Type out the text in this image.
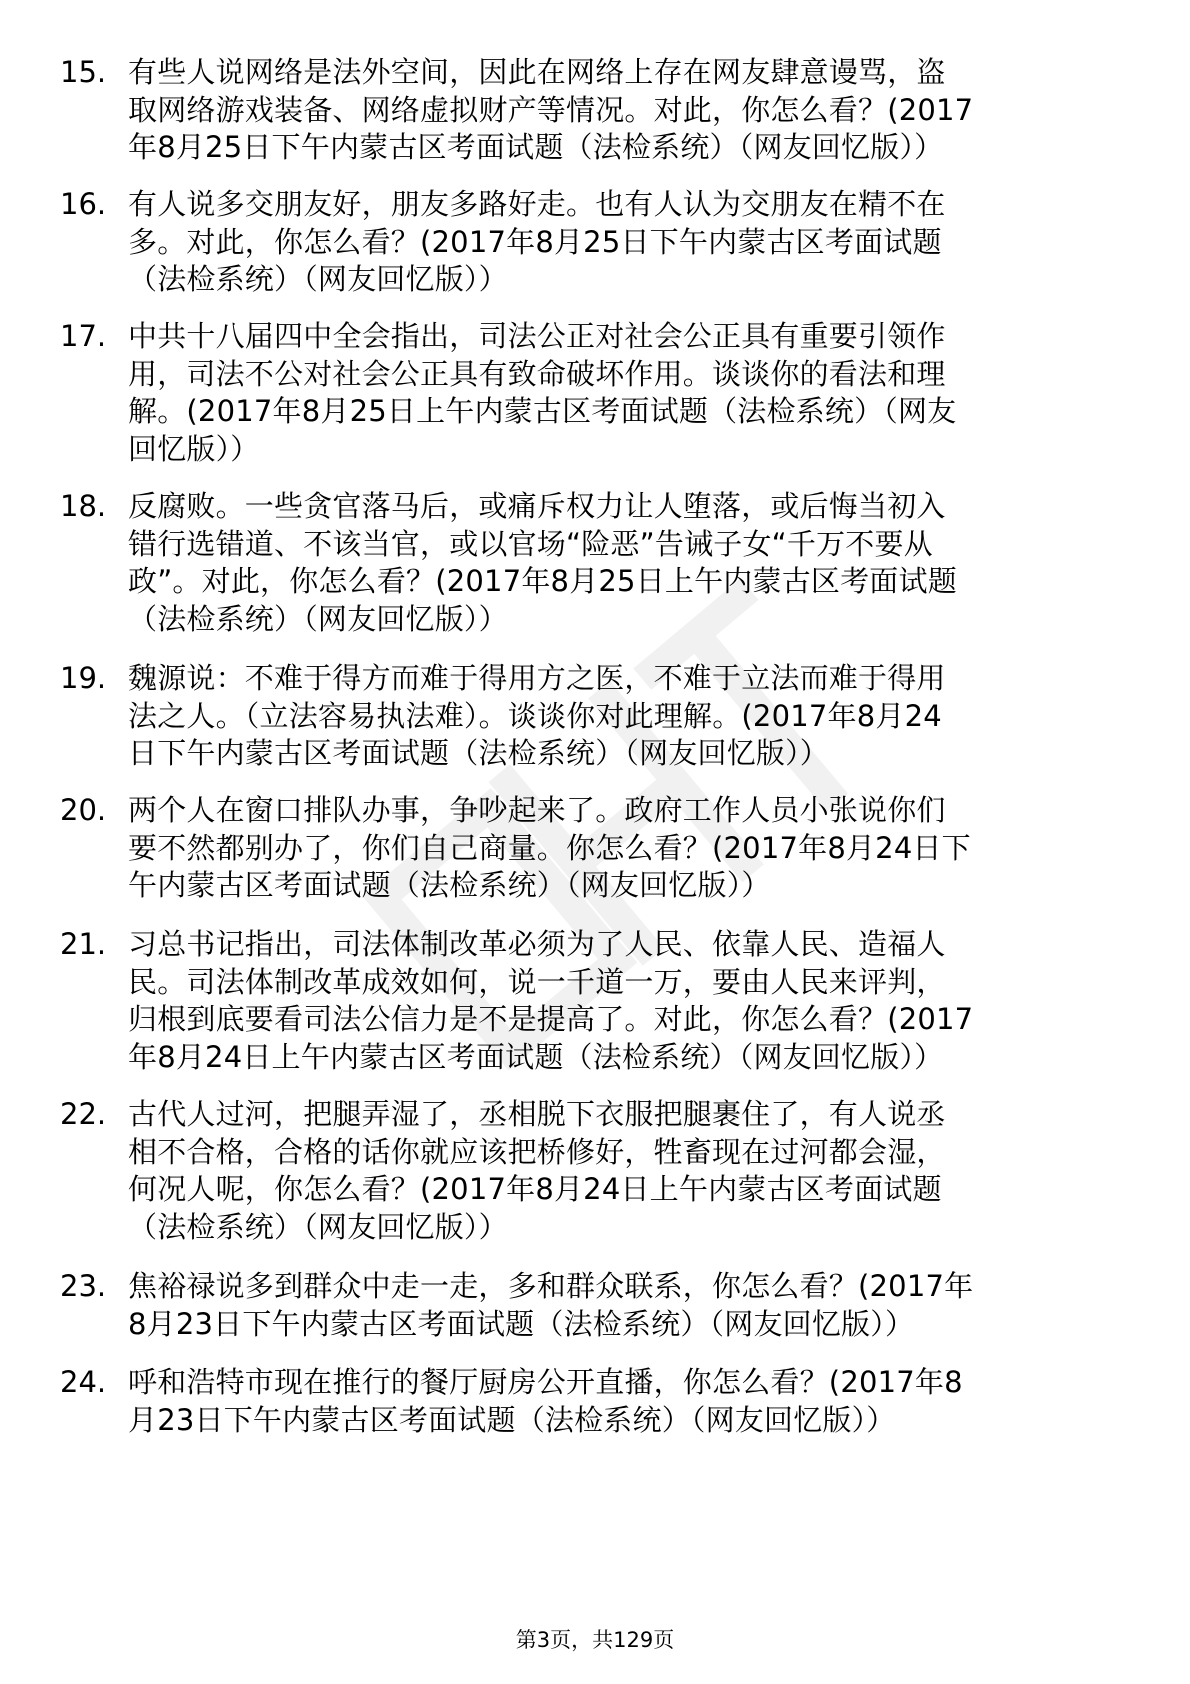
15. 有些人说网络是法外空间，因此在网络上存在网友肆意谩骂，盗
取网络游戏装备、网络虚拟财产等情况。对此，你怎么看？(2017
年8月25日下午内蒙古区考面试题（法检系统）（网友回忆版））
16. 有人说多交朋友好，朋友多路好走。也有人认为交朋友在精不在
多。对此，你怎么看？(2017年8月25日下午内蒙古区考面试题
（法检系统）（网友回忆版））
17. 中共十八届四中全会指出，司法公正对社会公正具有重要引领作
用，司法不公对社会公正具有致命破坏作用。谈谈你的看法和理
解。(2017年8月25日上午内蒙古区考面试题（法检系统）（网友
回忆版））
18. 反腐败。一些贪官落马后，或痛斥权力让人堕落，或后悔当初入
错行选错道、不该当官，或以官场“险恶”告诫子女“千万不要从
政”。对此，你怎么看？(2017年8月25日上午内蒙古区考面试题
（法检系统）（网友回忆版））
19. 魏源说：不难于得方而难于得用方之医，不难于立法而难于得用
法之人。（立法容易执法难）。谈谈你对此理解。(2017年8月24
日下午内蒙古区考面试题（法检系统）（网友回忆版））
20. 两个人在窗口排队办事，争吵起来了。政府工作人员小张说你们
要不然都别办了，你们自己商量。你怎么看？(2017年8月24日下
午内蒙古区考面试题（法检系统）（网友回忆版））
21. 习总书记指出，司法体制改革必须为了人民、依靠人民、造福人
民。司法体制改革成效如何，说一千道一万，要由人民来评判，
归根到底要看司法公信力是不是提高了。对此，你怎么看？(2017
年8月24日上午内蒙古区考面试题（法检系统）（网友回忆版））
22. 古代人过河，把腿弄湿了，丞相脱下衣服把腿裹住了，有人说丞
相不合格，合格的话你就应该把桥修好，牲畜现在过河都会湿，
何况人呢，你怎么看？(2017年8月24日上午内蒙古区考面试题
（法检系统）（网友回忆版））
23. 焦裕禄说多到群众中走一走，多和群众联系，你怎么看？(2017年
8月23日下午内蒙古区考面试题（法检系统）（网友回忆版））
24. 呼和浩特市现在推行的餐厅厨房公开直播，你怎么看？(2017年8
月23日下午内蒙古区考面试题（法检系统）（网友回忆版））
第3页，共129页
